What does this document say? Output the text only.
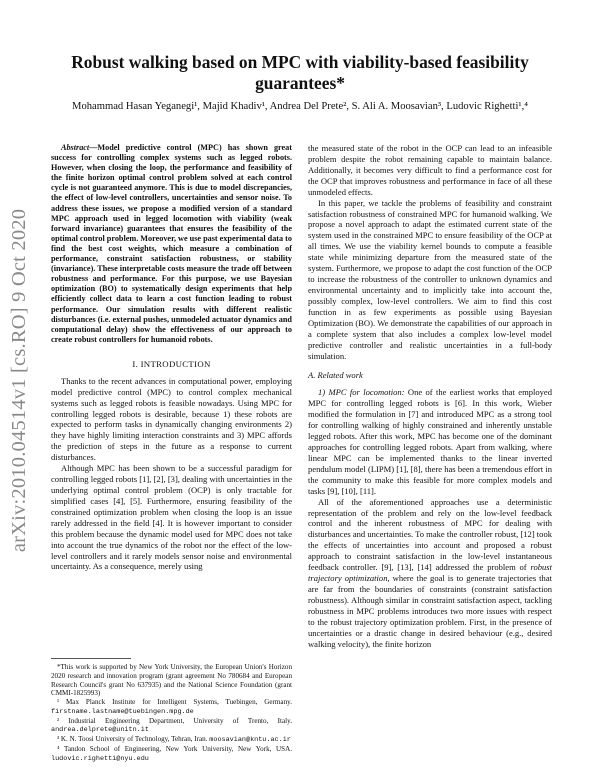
arXiv:2010.04514v1 [cs.RO] 9 Oct 2020
Robust walking based on MPC with viability-based feasibility guarantees*

Mohammad Hasan Yeganegi¹, Majid Khadiv¹, Andrea Del Prete², S. Ali A. Moosavian³, Ludovic Righetti¹,⁴

Abstract—Model predictive control (MPC) has shown great success for controlling complex systems such as legged robots. However, when closing the loop, the performance and feasibility of the finite horizon optimal control problem solved at each control cycle is not guaranteed anymore. This is due to model discrepancies, the effect of low-level controllers, uncertainties and sensor noise. To address these issues, we propose a modified version of a standard MPC approach used in legged locomotion with viability (weak forward invariance) guarantees that ensures the feasibility of the optimal control problem. Moreover, we use past experimental data to find the best cost weights, which measure a combination of performance, constraint satisfaction robustness, or stability (invariance). These interpretable costs measure the trade off between robustness and performance. For this purpose, we use Bayesian optimization (BO) to systematically design experiments that help efficiently collect data to learn a cost function leading to robust performance. Our simulation results with different realistic disturbances (i.e. external pushes, unmodeled actuator dynamics and computational delay) show the effectiveness of our approach to create robust controllers for humanoid robots.

I. INTRODUCTION

Thanks to the recent advances in computational power, employing model predictive control (MPC) to control complex mechanical systems such as legged robots is feasible nowadays. Using MPC for controlling legged robots is desirable, because 1) these robots are expected to perform tasks in dynamically changing environments 2) they have highly limiting interaction constraints and 3) MPC affords the prediction of steps in the future as a response to current disturbances.

Although MPC has been shown to be a successful paradigm for controlling legged robots [1], [2], [3], dealing with uncertainties in the underlying optimal control problem (OCP) is only tractable for simplified cases [4], [5]. Furthermore, ensuring feasibility of the constrained optimization problem when closing the loop is an issue rarely addressed in the field [4]. It is however important to consider this problem because the dynamic model used for MPC does not take into account the true dynamics of the robot nor the effect of the low-level controllers and it rarely models sensor noise and environmental uncertainty. As a consequence, merely using

the measured state of the robot in the OCP can lead to an infeasible problem despite the robot remaining capable to maintain balance. Additionally, it becomes very difficult to find a performance cost for the OCP that improves robustness and performance in face of all these unmodeled effects.

In this paper, we tackle the problems of feasibility and constraint satisfaction robustness of constrained MPC for humanoid walking. We propose a novel approach to adapt the estimated current state of the system used in the constrained MPC to ensure feasibility of the OCP at all times. We use the viability kernel bounds to compute a feasible state while minimizing departure from the measured state of the system. Furthermore, we propose to adapt the cost function of the OCP to increase the robustness of the controller to unknown dynamics and environmental uncertainty and to implicitly take into account the, possibly complex, low-level controllers. We aim to find this cost function in as few experiments as possible using Bayesian Optimization (BO). We demonstrate the capabilities of our approach in a complete system that also includes a complex low-level model predictive controller and realistic uncertainties in a full-body simulation.

A. Related work

1) MPC for locomotion: One of the earliest works that employed MPC for controlling legged robots is [6]. In this work, Wieber modified the formulation in [7] and introduced MPC as a strong tool for controlling walking of highly constrained and inherently unstable legged robots. After this work, MPC has become one of the dominant approaches for controlling legged robots. Apart from walking, where linear MPC can be implemented thanks to the linear inverted pendulum model (LIPM) [1], [8], there has been a tremendous effort in the community to make this feasible for more complex models and tasks [9], [10], [11].

All of the aforementioned approaches use a deterministic representation of the problem and rely on the low-level feedback control and the inherent robustness of MPC for dealing with disturbances and uncertainties. To make the controller robust, [12] took the effects of uncertainties into account and proposed a robust approach to constraint satisfaction in the low-level instantaneous feedback controller. [9], [13], [14] addressed the problem of robust trajectory optimization, where the goal is to generate trajectories that are far from the boundaries of constraints (constraint satisfaction robustness). Although similar in constraint satisfaction aspect, tackling robustness in MPC problems introduces two more issues with respect to the robust trajectory optimization problem. First, in the presence of uncertainties or a drastic change in desired behaviour (e.g., desired walking velocity), the finite horizon

*This work is supported by New York University, the European Union's Horizon 2020 research and innovation program (grant agreement No 780684 and European Research Council's grant No 637935) and the National Science Foundation (grant CMMI-1825993)

¹ Max Planck Institute for Intelligent Systems, Tuebingen, Germany. firstname.lastname@tuebingen.mpg.de

² Industrial Engineering Department, University of Trento, Italy. andrea.delprete@unitn.it

³ K. N. Toosi University of Technology, Tehran, Iran. moosavian@kntu.ac.ir

⁴ Tandon School of Engineering, New York University, New York, USA. ludovic.righetti@nyu.edu
